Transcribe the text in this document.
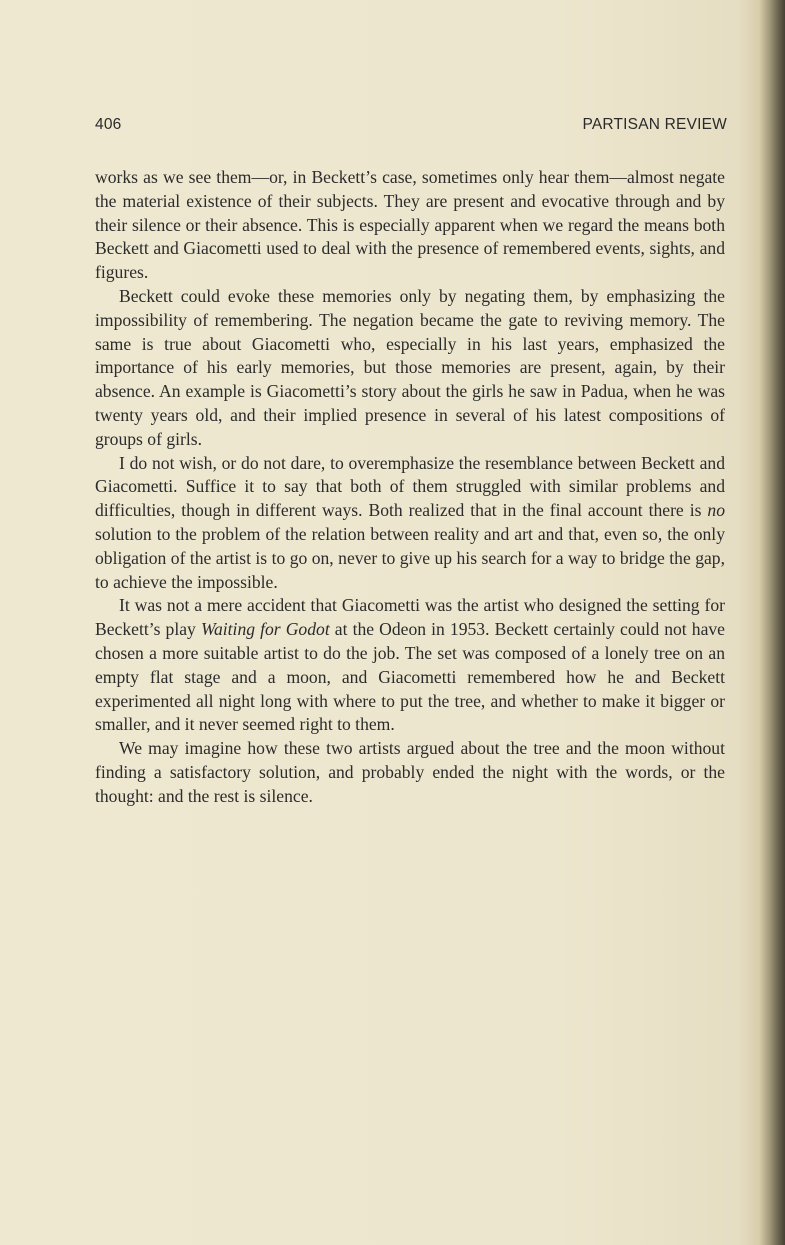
406	PARTISAN REVIEW

works as we see them—or, in Beckett’s case, sometimes only hear them—almost negate the material existence of their subjects. They are present and evocative through and by their silence or their absence. This is especially apparent when we regard the means both Beckett and Giacometti used to deal with the presence of remembered events, sights, and figures.

Beckett could evoke these memories only by negating them, by emphasizing the impossibility of remembering. The negation became the gate to reviving memory. The same is true about Giacometti who, especially in his last years, emphasized the importance of his early memories, but those memories are present, again, by their absence. An example is Giacometti’s story about the girls he saw in Padua, when he was twenty years old, and their implied presence in several of his latest compositions of groups of girls.

I do not wish, or do not dare, to overemphasize the resemblance between Beckett and Giacometti. Suffice it to say that both of them struggled with similar problems and difficulties, though in different ways. Both realized that in the final account there is no solution to the problem of the relation between reality and art and that, even so, the only obligation of the artist is to go on, never to give up his search for a way to bridge the gap, to achieve the impossible.

It was not a mere accident that Giacometti was the artist who designed the setting for Beckett’s play Waiting for Godot at the Odeon in 1953. Beckett certainly could not have chosen a more suitable artist to do the job. The set was composed of a lonely tree on an empty flat stage and a moon, and Giacometti remembered how he and Beckett experimented all night long with where to put the tree, and whether to make it bigger or smaller, and it never seemed right to them.

We may imagine how these two artists argued about the tree and the moon without finding a satisfactory solution, and probably ended the night with the words, or the thought: and the rest is silence.
